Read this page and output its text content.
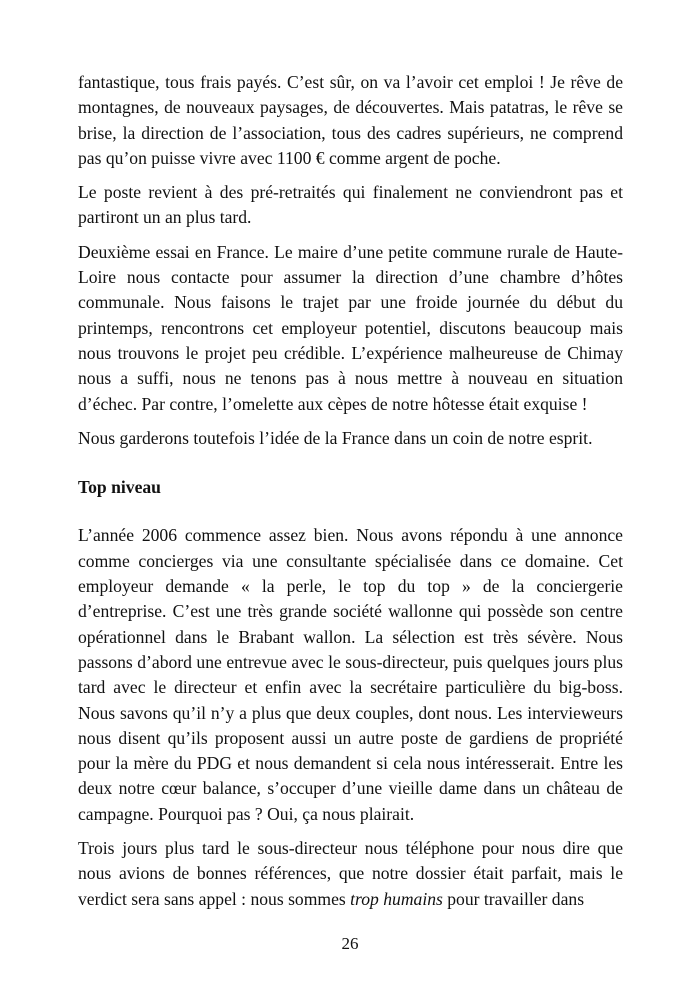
fantastique, tous frais payés. C’est sûr, on va l’avoir cet emploi ! Je rêve de montagnes, de nouveaux paysages, de découvertes. Mais patatras, le rêve se brise, la direction de l’association, tous des cadres supérieurs, ne comprend pas qu’on puisse vivre avec 1100 € comme argent de poche.

Le poste revient à des pré-retraités qui finalement ne conviendront pas et partiront un an plus tard.

Deuxième essai en France. Le maire d’une petite commune rurale de Haute-Loire nous contacte pour assumer la direction d’une chambre d’hôtes communale. Nous faisons le trajet par une froide journée du début du printemps, rencontrons cet employeur potentiel, discutons beaucoup mais nous trouvons le projet peu crédible. L’expérience malheureuse de Chimay nous a suffi, nous ne tenons pas à nous mettre à nouveau en situation d’échec. Par contre, l’omelette aux cèpes de notre hôtesse était exquise !

Nous garderons toutefois l’idée de la France dans un coin de notre esprit.

Top niveau

L’année 2006 commence assez bien. Nous avons répondu à une annonce comme concierges via une consultante spécialisée dans ce domaine. Cet employeur demande « la perle, le top du top » de la conciergerie d’entreprise. C’est une très grande société wallonne qui possède son centre opérationnel dans le Brabant wallon. La sélection est très sévère. Nous passons d’abord une entrevue avec le sous-directeur, puis quelques jours plus tard avec le directeur et enfin avec la secrétaire particulière du big-boss. Nous savons qu’il n’y a plus que deux couples, dont nous. Les intervieweurs nous disent qu’ils proposent aussi un autre poste de gardiens de propriété pour la mère du PDG et nous demandent si cela nous intéresserait. Entre les deux notre cœur balance, s’occuper d’une vieille dame dans un château de campagne. Pourquoi pas ? Oui, ça nous plairait.

Trois jours plus tard le sous-directeur nous téléphone pour nous dire que nous avions de bonnes références, que notre dossier était parfait, mais le verdict sera sans appel : nous sommes trop humains pour travailler dans

26
